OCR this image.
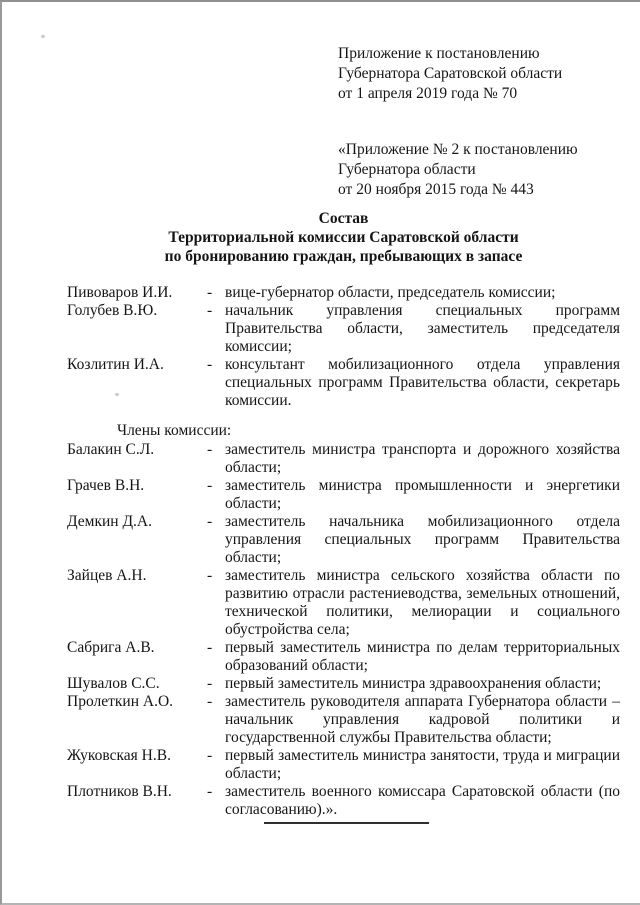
Приложение к постановлению
Губернатора Саратовской области
от 1 апреля 2019 года № 70
«Приложение № 2 к постановлению
Губернатора области
от 20 ноября 2015 года № 443
Состав
Территориальной комиссии Саратовской области
по бронированию граждан, пребывающих в запасе
Пивоваров И.И.	- вице-губернатор области, председатель комиссии;
Голубев В.Ю.	- начальник управления специальных программ Правительства области, заместитель председателя комиссии;
Козлитин И.А.	- консультант мобилизационного отдела управления специальных программ Правительства области, секретарь комиссии.
Члены комиссии:
Балакин С.Л.	- заместитель министра транспорта и дорожного хозяйства области;
Грачев В.Н.	- заместитель министра промышленности и энергетики области;
Демкин Д.А.	- заместитель начальника мобилизационного отдела управления специальных программ Правительства области;
Зайцев А.Н.	- заместитель министра сельского хозяйства области по развитию отрасли растениеводства, земельных отношений, технической политики, мелиорации и социального обустройства села;
Сабрига А.В.	- первый заместитель министра по делам территориальных образований области;
Шувалов С.С.	- первый заместитель министра здравоохранения области;
Пролеткин А.О.	- заместитель руководителя аппарата Губернатора области – начальник управления кадровой политики и государственной службы Правительства области;
Жуковская Н.В.	- первый заместитель министра занятости, труда и миграции области;
Плотников В.Н.	- заместитель военного комиссара Саратовской области (по согласованию).».
